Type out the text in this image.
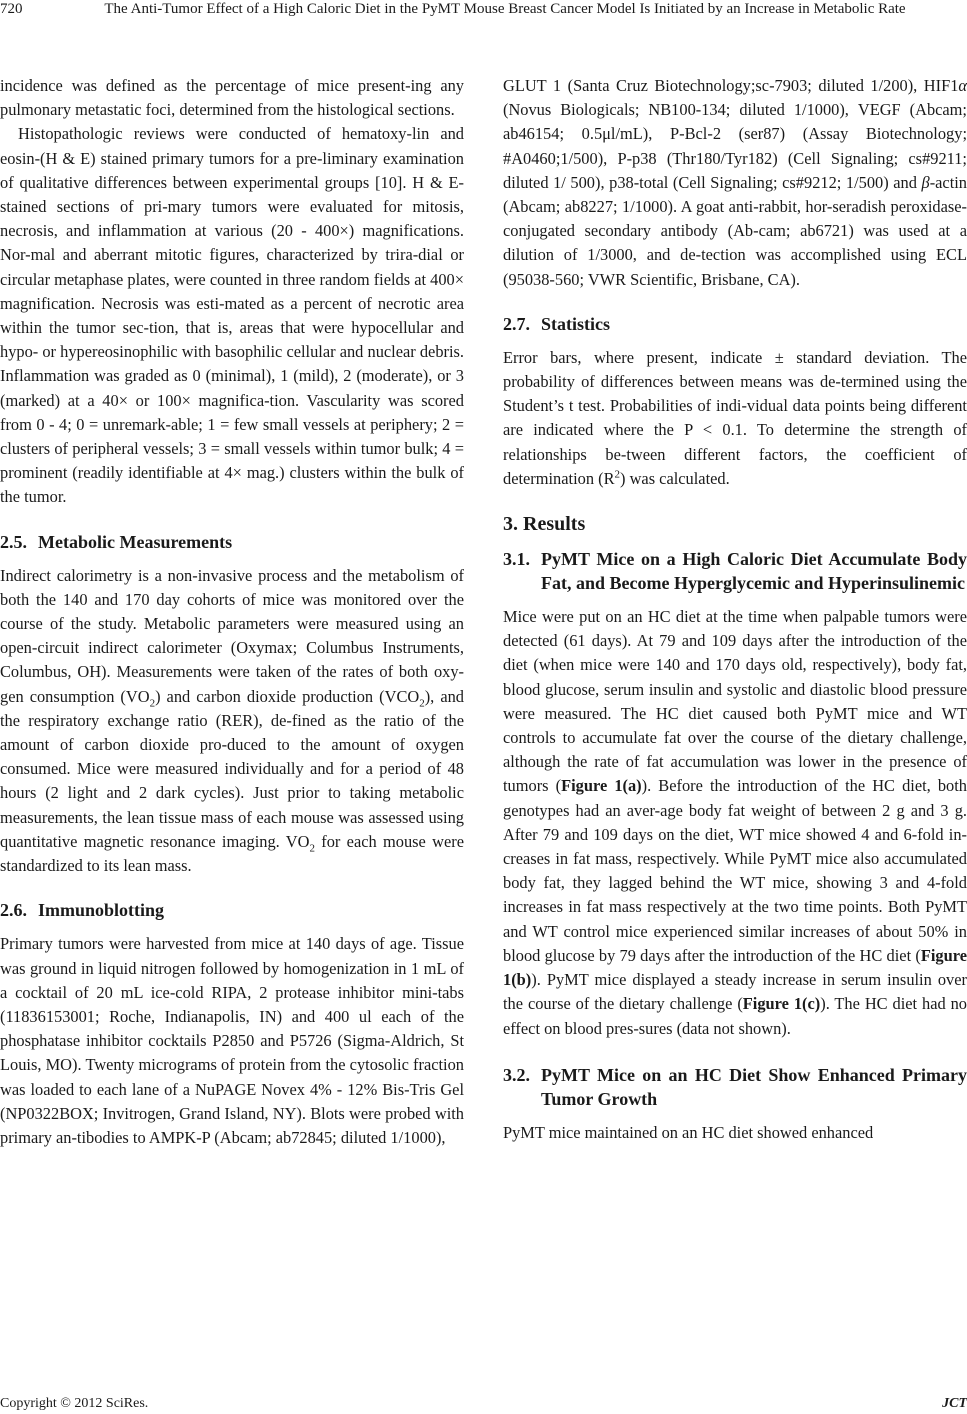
720	The Anti-Tumor Effect of a High Caloric Diet in the PyMT Mouse Breast Cancer Model Is Initiated by an Increase in Metabolic Rate

incidence was defined as the percentage of mice present-ing any pulmonary metastatic foci, determined from the histological sections.

Histopathologic reviews were conducted of hematoxy-lin and eosin-(H & E) stained primary tumors for a pre-liminary examination of qualitative differences between experimental groups [10]. H & E-stained sections of pri-mary tumors were evaluated for mitosis, necrosis, and inflammation at various (20 - 400×) magnifications. Nor-mal and aberrant mitotic figures, characterized by trira-dial or circular metaphase plates, were counted in three random fields at 400× magnification. Necrosis was esti-mated as a percent of necrotic area within the tumor sec-tion, that is, areas that were hypocellular and hypo- or hypereosinophilic with basophilic cellular and nuclear debris. Inflammation was graded as 0 (minimal), 1 (mild), 2 (moderate), or 3 (marked) at a 40× or 100× magnifica-tion. Vascularity was scored from 0 - 4; 0 = unremark-able; 1 = few small vessels at periphery; 2 = clusters of peripheral vessels; 3 = small vessels within tumor bulk; 4 = prominent (readily identifiable at 4× mag.) clusters within the bulk of the tumor.

2.5. Metabolic Measurements

Indirect calorimetry is a non-invasive process and the metabolism of both the 140 and 170 day cohorts of mice was monitored over the course of the study. Metabolic parameters were measured using an open-circuit indirect calorimeter (Oxymax; Columbus Instruments, Columbus, OH). Measurements were taken of the rates of both oxy-gen consumption $(VO_2)$ and carbon dioxide production $(VCO_2)$, and the respiratory exchange ratio (RER), de-fined as the ratio of the amount of carbon dioxide pro-duced to the amount of oxygen consumed. Mice were measured individually and for a period of 48 hours (2 light and 2 dark cycles). Just prior to taking metabolic measurements, the lean tissue mass of each mouse was assessed using quantitative magnetic resonance imaging. $VO_2$ for each mouse were standardized to its lean mass.

2.6. Immunoblotting

Primary tumors were harvested from mice at 140 days of age. Tissue was ground in liquid nitrogen followed by homogenization in 1 mL of a cocktail of 20 mL ice-cold RIPA, 2 protease inhibitor mini-tabs (11836153001; Roche, Indianapolis, IN) and 400 ul each of the phosphatase inhibitor cocktails P2850 and P5726 (Sigma-Aldrich, St Louis, MO). Twenty micrograms of protein from the cytosolic fraction was loaded to each lane of a NuPAGE Novex 4% - 12% Bis-Tris Gel (NP0322BOX; Invitrogen, Grand Island, NY). Blots were probed with primary an-tibodies to AMPK-P (Abcam; ab72845; diluted 1/1000),

GLUT 1 (Santa Cruz Biotechnology;sc-7903; diluted 1/200), HIF1α (Novus Biologicals; NB100-134; diluted 1/1000), VEGF (Abcam; ab46154; 0.5μl/mL), P-Bcl-2 (ser87) (Assay Biotechnology; #A0460;1/500), P-p38 (Thr180/Tyr182) (Cell Signaling; cs#9211; diluted 1/ 500), p38-total (Cell Signaling; cs#9212; 1/500) and β-actin (Abcam; ab8227; 1/1000). A goat anti-rabbit, hor-seradish peroxidase-conjugated secondary antibody (Ab-cam; ab6721) was used at a dilution of 1/3000, and de-tection was accomplished using ECL (95038-560; VWR Scientific, Brisbane, CA).

2.7. Statistics

Error bars, where present, indicate ± standard deviation. The probability of differences between means was de-termined using the Student’s t test. Probabilities of indi-vidual data points being different are indicated where the P < 0.1. To determine the strength of relationships be-tween different factors, the coefficient of determination $(R^2)$ was calculated.

3. Results
3.1. PyMT Mice on a High Caloric Diet Accumulate Body Fat, and Become Hyperglycemic and Hyperinsulinemic

Mice were put on an HC diet at the time when palpable tumors were detected (61 days). At 79 and 109 days after the introduction of the diet (when mice were 140 and 170 days old, respectively), body fat, blood glucose, serum insulin and systolic and diastolic blood pressure were measured. The HC diet caused both PyMT mice and WT controls to accumulate fat over the course of the dietary challenge, although the rate of fat accumulation was lower in the presence of tumors (Figure 1(a)). Before the introduction of the HC diet, both genotypes had an aver-age body fat weight of between 2 g and 3 g. After 79 and 109 days on the diet, WT mice showed 4 and 6-fold in-creases in fat mass, respectively. While PyMT mice also accumulated body fat, they lagged behind the WT mice, showing 3 and 4-fold increases in fat mass respectively at the two time points. Both PyMT and WT control mice experienced similar increases of about 50% in blood glucose by 79 days after the introduction of the HC diet (Figure 1(b)). PyMT mice displayed a steady increase in serum insulin over the course of the dietary challenge (Figure 1(c)). The HC diet had no effect on blood pres-sures (data not shown).

3.2. PyMT Mice on an HC Diet Show Enhanced Primary Tumor Growth

PyMT mice maintained on an HC diet showed enhanced

Copyright © 2012 SciRes.	JCT
